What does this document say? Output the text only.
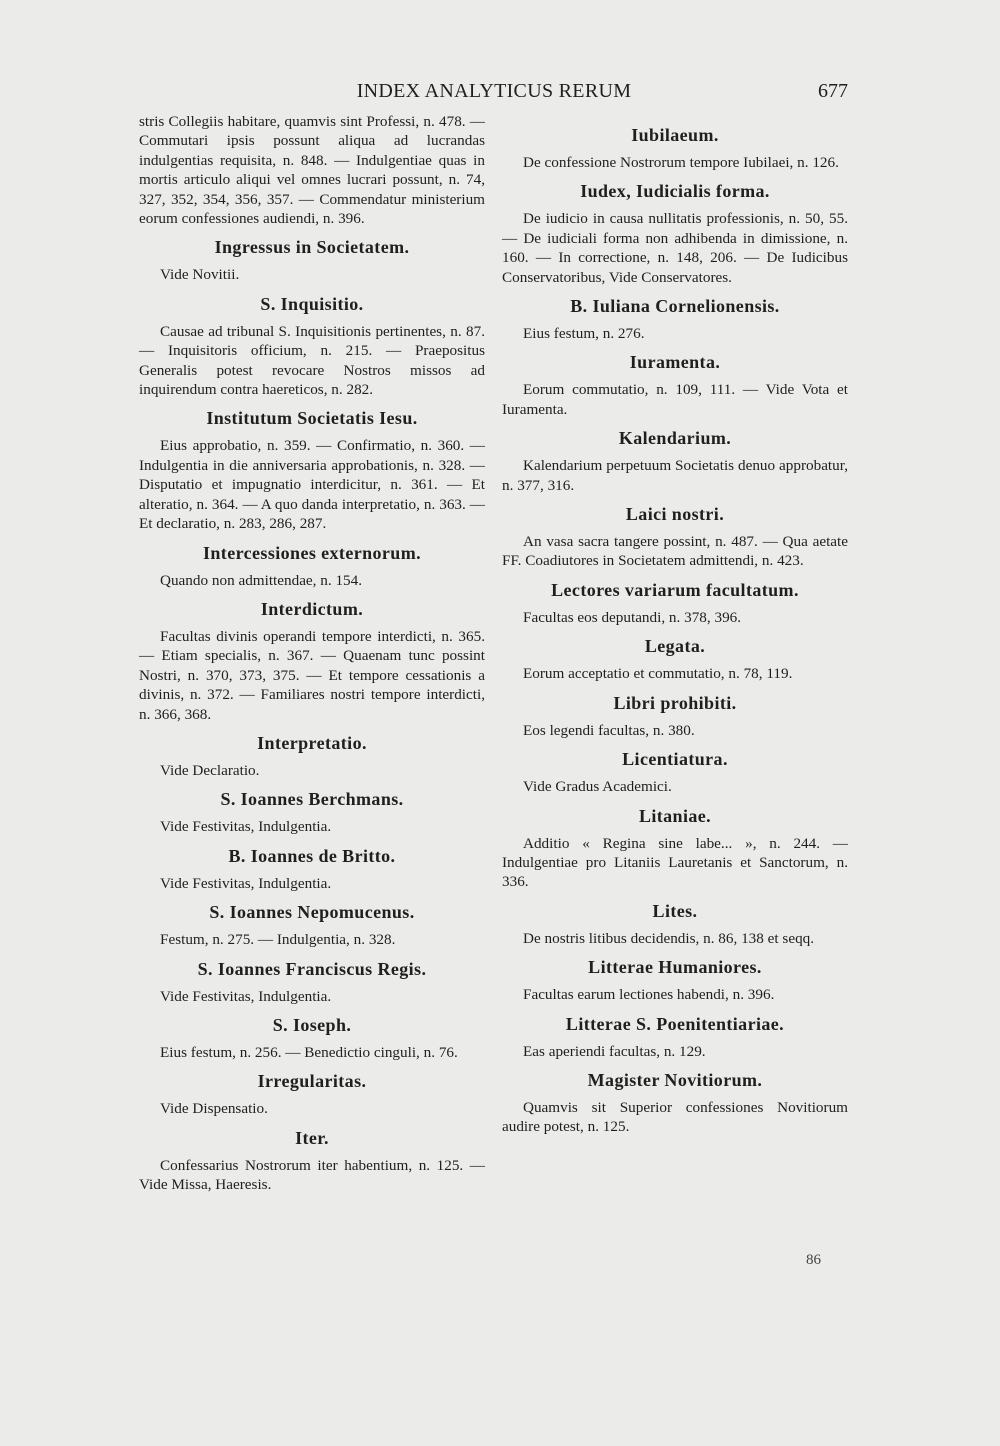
INDEX ANALYTICUS RERUM	677

stris Collegiis habitare, quamvis sint Professi, n. 478. — Commutari ipsis possunt aliqua ad lucrandas indulgentias requisita, n. 848. — Indulgentiae quas in mortis articulo aliqui vel omnes lucrari possunt, n. 74, 327, 352, 354, 356, 357. — Commendatur ministerium eorum confessiones audiendi, n. 396.

Ingressus in Societatem.

Vide Novitii.

S. Inquisitio.

Causae ad tribunal S. Inquisitionis pertinentes, n. 87. — Inquisitoris officium, n. 215. — Praepositus Generalis potest revocare Nostros missos ad inquirendum contra haereticos, n. 282.

Institutum Societatis Iesu.

Eius approbatio, n. 359. — Confirmatio, n. 360. — Indulgentia in die anniversaria approbationis, n. 328. — Disputatio et impugnatio interdicitur, n. 361. — Et alteratio, n. 364. — A quo danda interpretatio, n. 363. — Et declaratio, n. 283, 286, 287.

Intercessiones externorum.

Quando non admittendae, n. 154.

Interdictum.

Facultas divinis operandi tempore interdicti, n. 365. — Etiam specialis, n. 367. — Quaenam tunc possint Nostri, n. 370, 373, 375. — Et tempore cessationis a divinis, n. 372. — Familiares nostri tempore interdicti, n. 366, 368.

Interpretatio.

Vide Declaratio.

S. Ioannes Berchmans.

Vide Festivitas, Indulgentia.

B. Ioannes de Britto.

Vide Festivitas, Indulgentia.

S. Ioannes Nepomucenus.

Festum, n. 275. — Indulgentia, n. 328.

S. Ioannes Franciscus Regis.

Vide Festivitas, Indulgentia.

S. Ioseph.

Eius festum, n. 256. — Benedictio cinguli, n. 76.

Irregularitas.

Vide Dispensatio.

Iter.

Confessarius Nostrorum iter habentium, n. 125. — Vide Missa, Haeresis.

Iubilaeum.

De confessione Nostrorum tempore Iubilaei, n. 126.

Iudex, Iudicialis forma.

De iudicio in causa nullitatis professionis, n. 50, 55. — De iudiciali forma non adhibenda in dimissione, n. 160. — In correctione, n. 148, 206. — De Iudicibus Conservatoribus, Vide Conservatores.

B. Iuliana Cornelionensis.

Eius festum, n. 276.

Iuramenta.

Eorum commutatio, n. 109, 111. — Vide Vota et Iuramenta.

Kalendarium.

Kalendarium perpetuum Societatis denuo approbatur, n. 377, 316.

Laici nostri.

An vasa sacra tangere possint, n. 487. — Qua aetate FF. Coadiutores in Societatem admittendi, n. 423.

Lectores variarum facultatum.

Facultas eos deputandi, n. 378, 396.

Legata.

Eorum acceptatio et commutatio, n. 78, 119.

Libri prohibiti.

Eos legendi facultas, n. 380.

Licentiatura.

Vide Gradus Academici.

Litaniae.

Additio « Regina sine labe... », n. 244. — Indulgentiae pro Litaniis Lauretanis et Sanctorum, n. 336.

Lites.

De nostris litibus decidendis, n. 86, 138 et seqq.

Litterae Humaniores.

Facultas earum lectiones habendi, n. 396.

Litterae S. Poenitentiariae.

Eas aperiendi facultas, n. 129.

Magister Novitiorum.

Quamvis sit Superior confessiones Novitiorum audire potest, n. 125.

86
